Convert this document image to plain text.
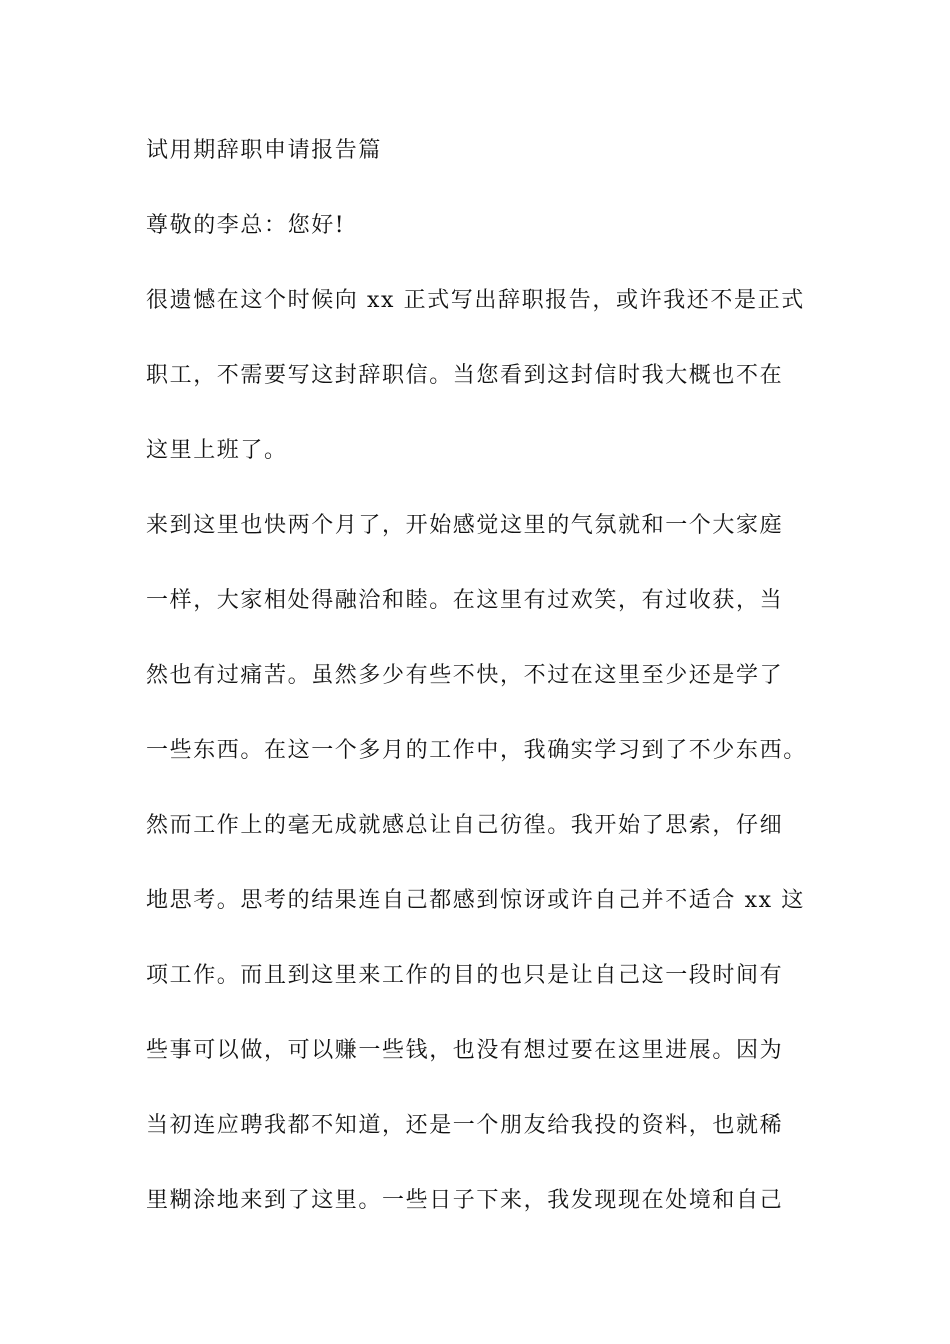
试用期辞职申请报告篇

尊敬的李总：您好!

很遗憾在这个时候向 xx 正式写出辞职报告，或许我还不是正式

职工，不需要写这封辞职信。当您看到这封信时我大概也不在

这里上班了。

来到这里也快两个月了，开始感觉这里的气氛就和一个大家庭

一样，大家相处得融洽和睦。在这里有过欢笑，有过收获，当

然也有过痛苦。虽然多少有些不快，不过在这里至少还是学了

一些东西。在这一个多月的工作中，我确实学习到了不少东西。

然而工作上的毫无成就感总让自己彷徨。我开始了思索，仔细

地思考。思考的结果连自己都感到惊讶或许自己并不适合 xx 这

项工作。而且到这里来工作的目的也只是让自己这一段时间有

些事可以做，可以赚一些钱，也没有想过要在这里进展。因为

当初连应聘我都不知道，还是一个朋友给我投的资料，也就稀

里糊涂地来到了这里。一些日子下来，我发现现在处境和自己
